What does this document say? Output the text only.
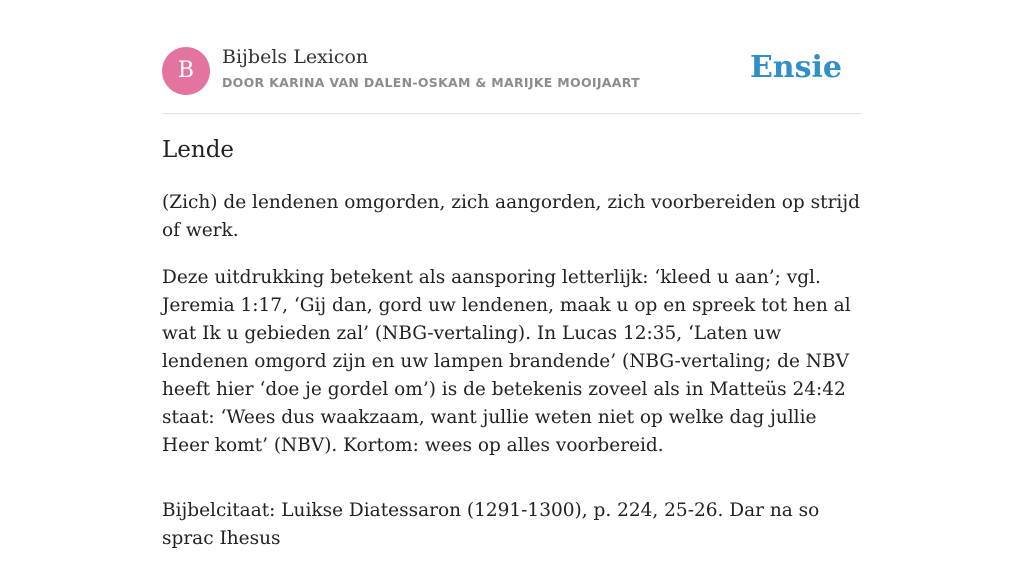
B
Bijbels Lexicon
DOOR KARINA VAN DALEN-OSKAM & MARIJKE MOOIJAART	Ensie
Lende

(Zich) de lendenen omgorden, zich aangorden, zich voorbereiden op strijd of werk.

Deze uitdrukking betekent als aansporing letterlijk: ‘kleed u aan’; vgl. Jeremia 1:17, ‘Gij dan, gord uw lendenen, maak u op en spreek tot hen al wat Ik u gebieden zal’ (NBG-vertaling). In Lucas 12:35, ‘Laten uw lendenen omgord zijn en uw lampen brandende’ (NBG-vertaling; de NBV heeft hier ‘doe je gordel om’) is de betekenis zoveel als in Matteüs 24:42 staat: ‘Wees dus waakzaam, want jullie weten niet op welke dag jullie Heer komt’ (NBV). Kortom: wees op alles voorbereid.

Bijbelcitaat: Luikse Diatessaron (1291-1300), p. 224, 25-26. Dar na so sprac Ihesus
